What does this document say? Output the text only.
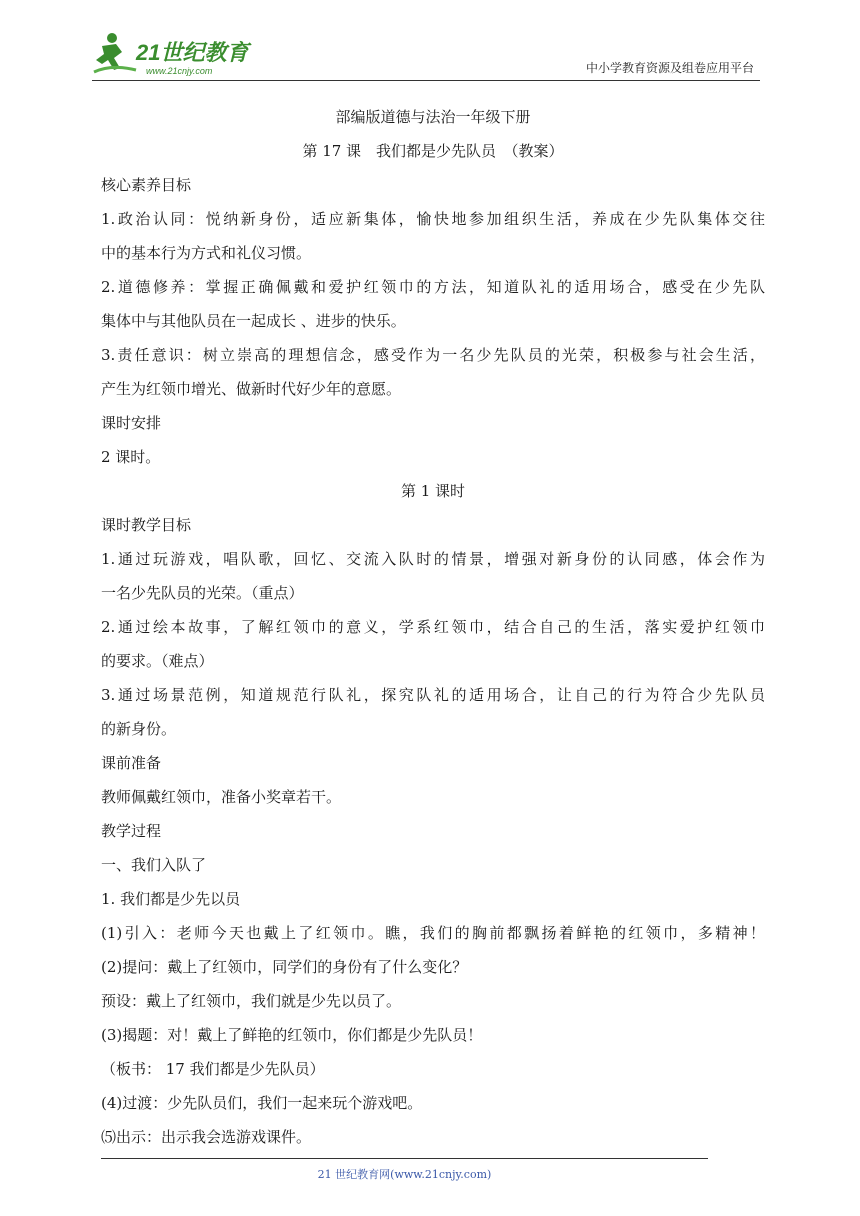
21世纪教育
www.21cnjy.com	中小学教育资源及组卷应用平台
部编版道德与法治一年级下册
第 17 课　我们都是少先队员　（教案）
核心素养目标
1.政治认同：悦纳新身份，适应新集体，愉快地参加组织生活，养成在少先队集体交往
中的基本行为方式和礼仪习惯。
2.道德修养：掌握正确佩戴和爱护红领巾的方法，知道队礼的适用场合，感受在少先队
集体中与其他队员在一起成长 、进步的快乐。
3.责任意识：树立崇高的理想信念，感受作为一名少先队员的光荣，积极参与社会生活，
产生为红领巾增光、做新时代好少年的意愿。
课时安排
2 课时。
第 1 课时
课时教学目标
1.通过玩游戏，唱队歌，回忆、交流入队时的情景，增强对新身份的认同感，体会作为
一名少先队员的光荣。（重点）
2.通过绘本故事，了解红领巾的意义，学系红领巾，结合自己的生活，落实爱护红领巾
的要求。（难点）
3.通过场景范例，知道规范行队礼，探究队礼的适用场合，让自己的行为符合少先队员
的新身份。
课前准备
教师佩戴红领巾，准备小奖章若干。
教学过程
一、我们入队了
1. 我们都是少先以员
(1)引入：老师今天也戴上了红领巾。瞧，我们的胸前都飘扬着鲜艳的红领巾，多精神！
(2)提问：戴上了红领巾，同学们的身份有了什么变化？
预设：戴上了红领巾，我们就是少先以员了。
(3)揭题：对！戴上了鲜艳的红领巾，你们都是少先队员！
（板书： 17 我们都是少先队员）
(4)过渡：少先队员们，我们一起来玩个游戏吧。
⑸出示：出示我会选游戏课件。
21 世纪教育网(www.21cnjy.com)
